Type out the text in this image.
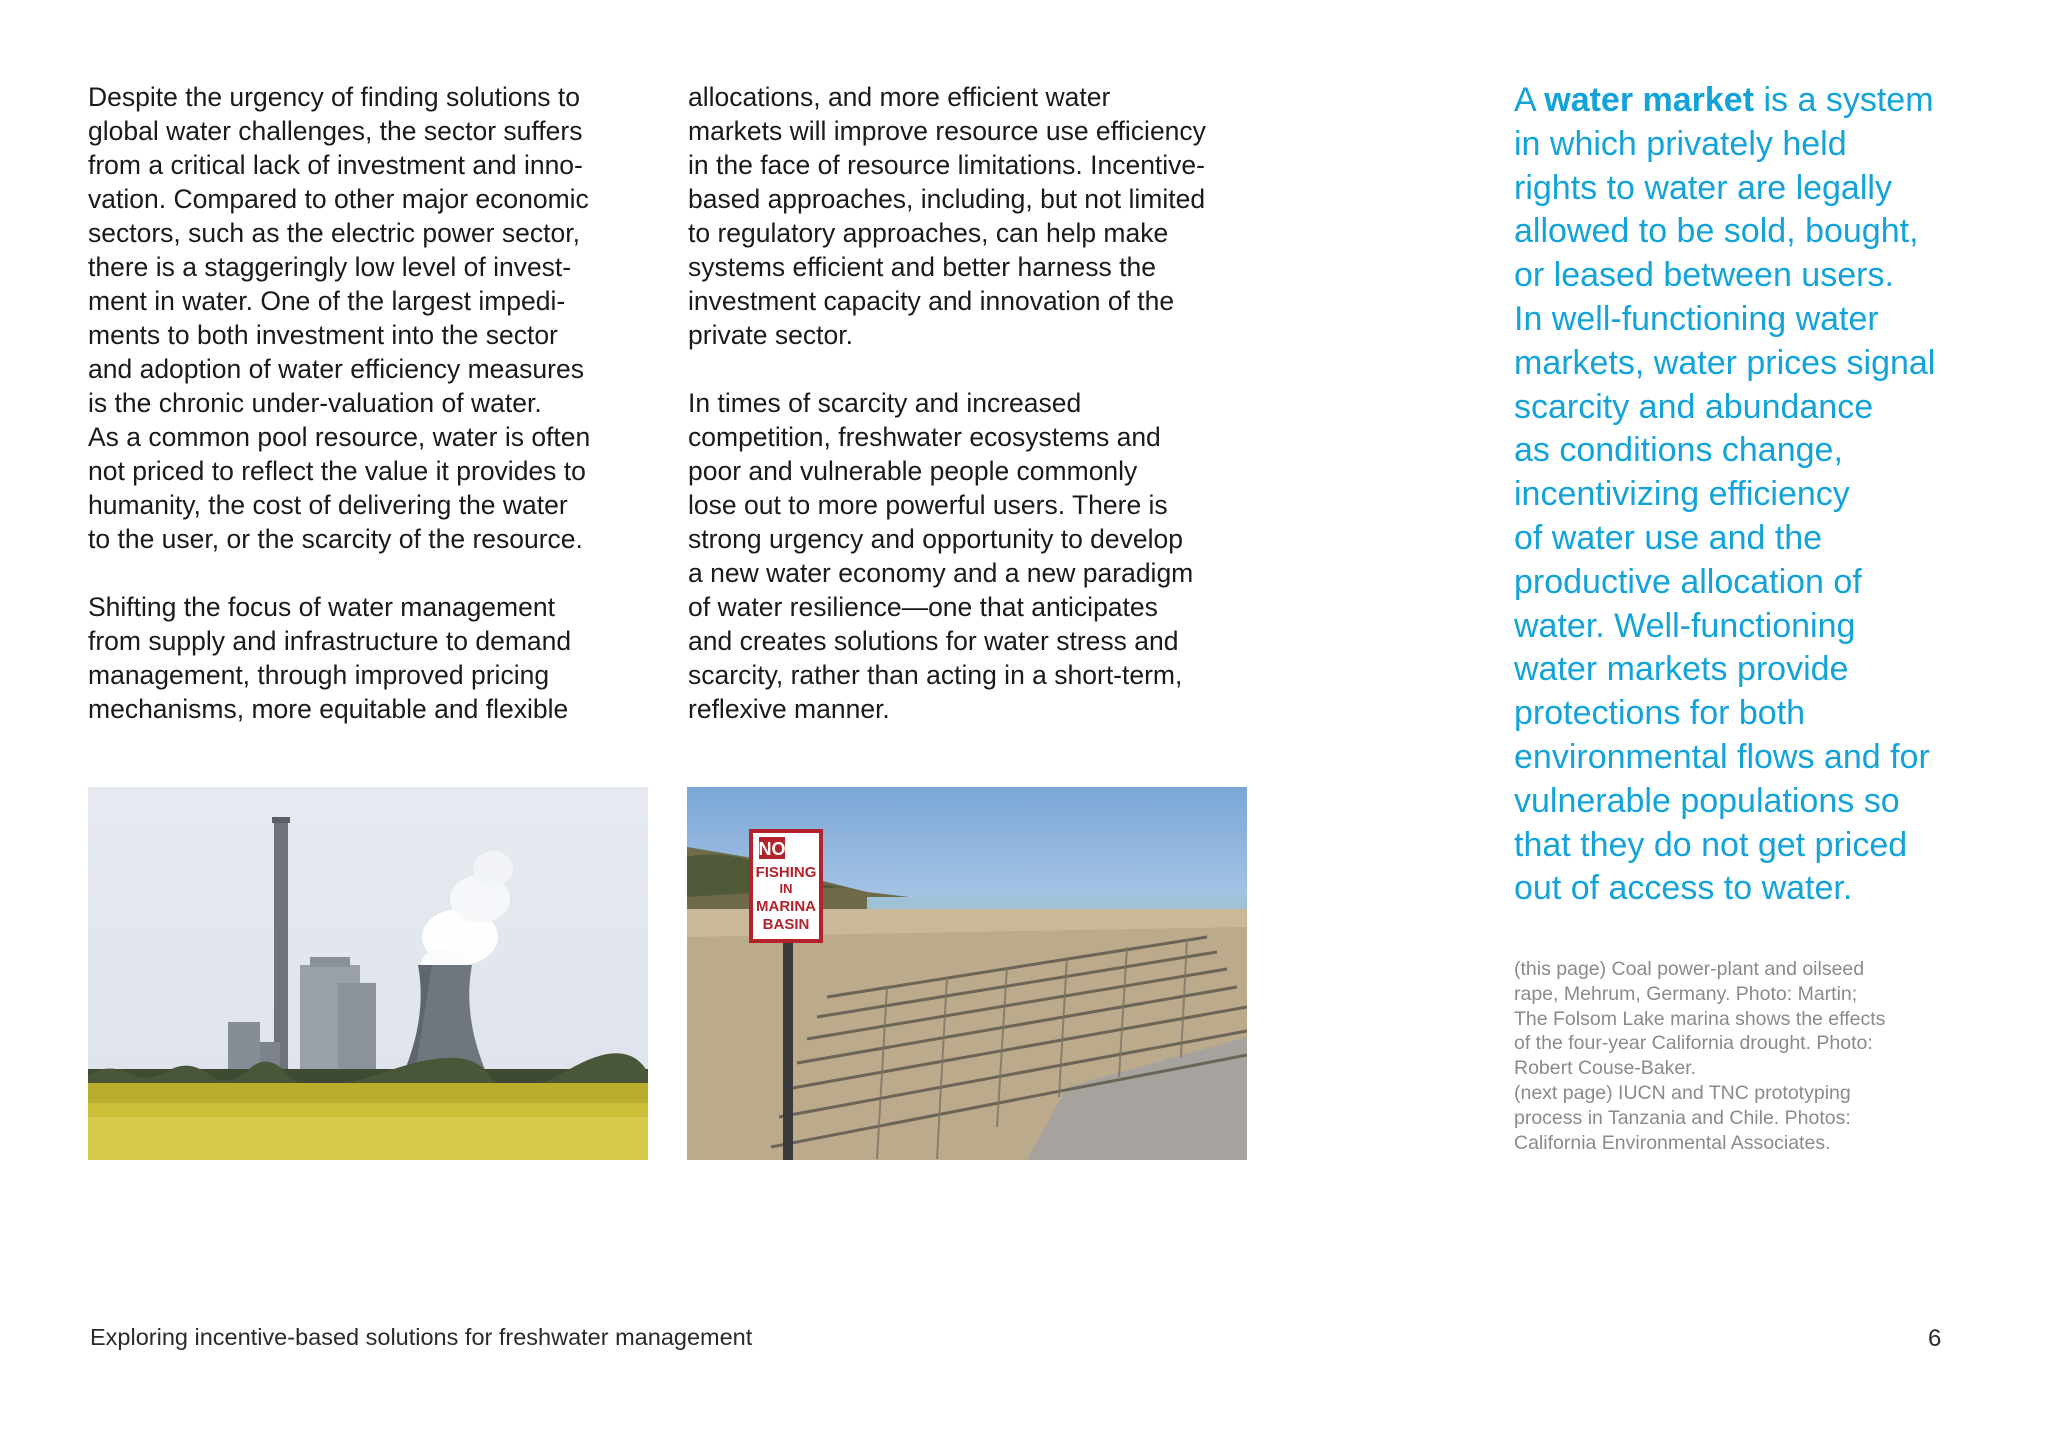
Despite the urgency of finding solutions to
global water challenges, the sector suffers
from a critical lack of investment and inno-
vation. Compared to other major economic
sectors, such as the electric power sector,
there is a staggeringly low level of invest-
ment in water. One of the largest impedi-
ments to both investment into the sector
and adoption of water efficiency measures
is the chronic under-valuation of water.
As a common pool resource, water is often
not priced to reflect the value it provides to
humanity, the cost of delivering the water
to the user, or the scarcity of the resource.

Shifting the focus of water management
from supply and infrastructure to demand
management, through improved pricing
mechanisms, more equitable and flexible

allocations, and more efficient water
markets will improve resource use efficiency
in the face of resource limitations. Incentive-
based approaches, including, but not limited
to regulatory approaches, can help make
systems efficient and better harness the
investment capacity and innovation of the
private sector.

In times of scarcity and increased
competition, freshwater ecosystems and
poor and vulnerable people commonly
lose out to more powerful users. There is
strong urgency and opportunity to develop
a new water economy and a new paradigm
of water resilience—one that anticipates
and creates solutions for water stress and
scarcity, rather than acting in a short-term,
reflexive manner.

NO
FISHING
IN
MARINA
BASIN
A water market is a system
in which privately held
rights to water are legally
allowed to be sold, bought,
or leased between users.
In well-functioning water
markets, water prices signal
scarcity and abundance
as conditions change,
incentivizing efficiency
of water use and the
productive allocation of
water. Well-functioning
water markets provide
protections for both
environmental flows and for
vulnerable populations so
that they do not get priced
out of access to water.
(this page) Coal power-plant and oilseed
rape, Mehrum, Germany. Photo: Martin;
The Folsom Lake marina shows the effects
of the four-year California drought. Photo:
Robert Couse-Baker.
(next page) IUCN and TNC prototyping
process in Tanzania and Chile. Photos:
California Environmental Associates.
Exploring incentive-based solutions for freshwater management	6
